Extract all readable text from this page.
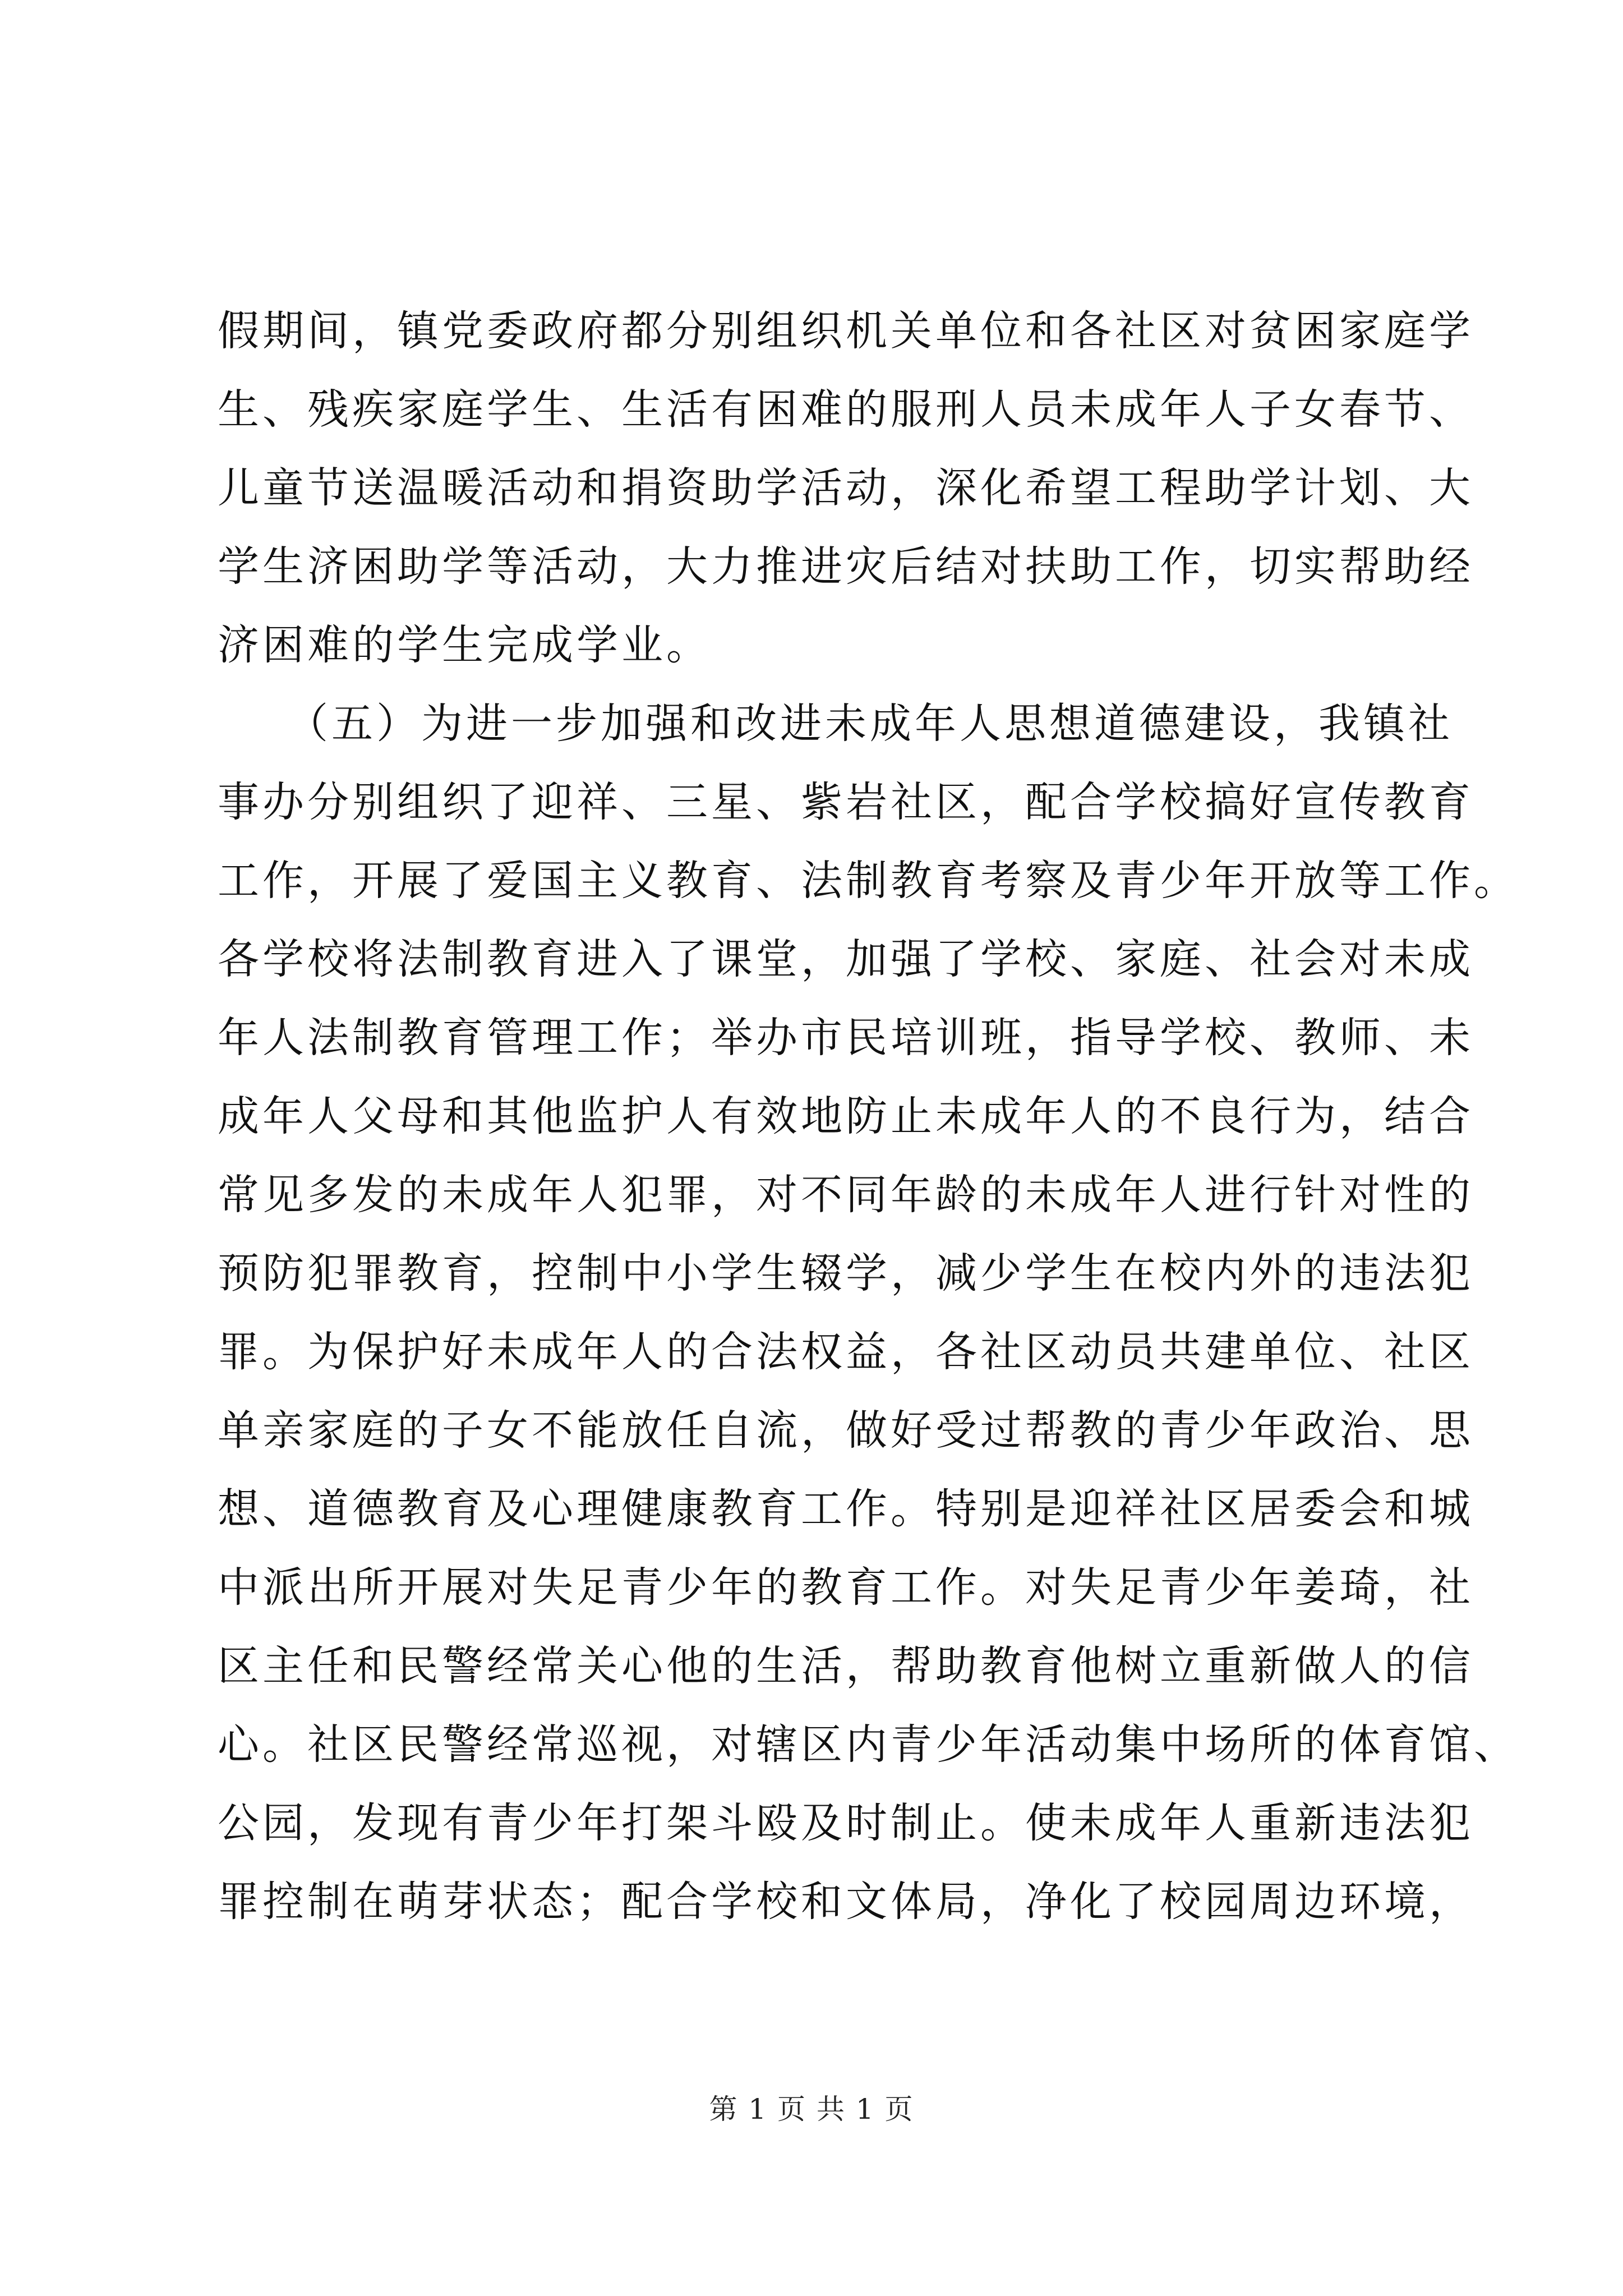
假期间，镇党委政府都分别组织机关单位和各社区对贫困家庭学
生、残疾家庭学生、生活有困难的服刑人员未成年人子女春节、
儿童节送温暖活动和捐资助学活动，深化希望工程助学计划、大
学生济困助学等活动，大力推进灾后结对扶助工作，切实帮助经
济困难的学生完成学业。
　　（五）为进一步加强和改进未成年人思想道德建设，我镇社
事办分别组织了迎祥、三星、紫岩社区，配合学校搞好宣传教育
工作，开展了爱国主义教育、法制教育考察及青少年开放等工作。
各学校将法制教育进入了课堂，加强了学校、家庭、社会对未成
年人法制教育管理工作；举办市民培训班，指导学校、教师、未
成年人父母和其他监护人有效地防止未成年人的不良行为，结合
常见多发的未成年人犯罪，对不同年龄的未成年人进行针对性的
预防犯罪教育，控制中小学生辍学，减少学生在校内外的违法犯
罪。为保护好未成年人的合法权益，各社区动员共建单位、社区
单亲家庭的子女不能放任自流，做好受过帮教的青少年政治、思
想、道德教育及心理健康教育工作。特别是迎祥社区居委会和城
中派出所开展对失足青少年的教育工作。对失足青少年姜琦，社
区主任和民警经常关心他的生活，帮助教育他树立重新做人的信
心。社区民警经常巡视，对辖区内青少年活动集中场所的体育馆、
公园，发现有青少年打架斗殴及时制止。使未成年人重新违法犯
罪控制在萌芽状态；配合学校和文体局，净化了校园周边环境，
第 1 页 共 1 页
